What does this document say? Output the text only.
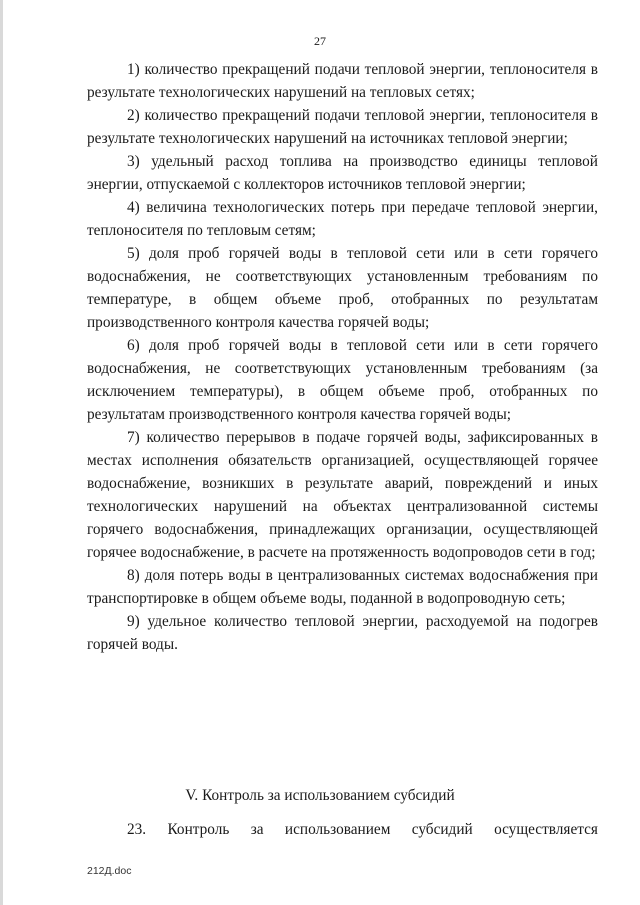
27

1) количество прекращений подачи тепловой энергии, теплоносителя в результате технологических нарушений на тепловых сетях;

2) количество прекращений подачи тепловой энергии, теплоносителя в результате технологических нарушений на источниках тепловой энергии;

3) удельный расход топлива на производство единицы тепловой энергии, отпускаемой с коллекторов источников тепловой энергии;

4) величина технологических потерь при передаче тепловой энергии, теплоносителя по тепловым сетям;

5) доля проб горячей воды в тепловой сети или в сети горячего водоснабжения, не соответствующих установленным требованиям по температуре, в общем объеме проб, отобранных по результатам производственного контроля качества горячей воды;

6) доля проб горячей воды в тепловой сети или в сети горячего водоснабжения, не соответствующих установленным требованиям (за исключением температуры), в общем объеме проб, отобранных по результатам производственного контроля качества горячей воды;

7) количество перерывов в подаче горячей воды, зафиксированных в местах исполнения обязательств организацией, осуществляющей горячее водоснабжение, возникших в результате аварий, повреждений и иных технологических нарушений на объектах централизованной системы горячего водоснабжения, принадлежащих организации, осуществляющей горячее водоснабжение, в расчете на протяженность водопроводов сети в год;

8) доля потерь воды в централизованных системах водоснабжения при транспортировке в общем объеме воды, поданной в водопроводную сеть;

9) удельное количество тепловой энергии, расходуемой на подогрев горячей воды.

V. Контроль за использованием субсидий

23. Контроль за использованием субсидий осуществляется

212Д.doc
